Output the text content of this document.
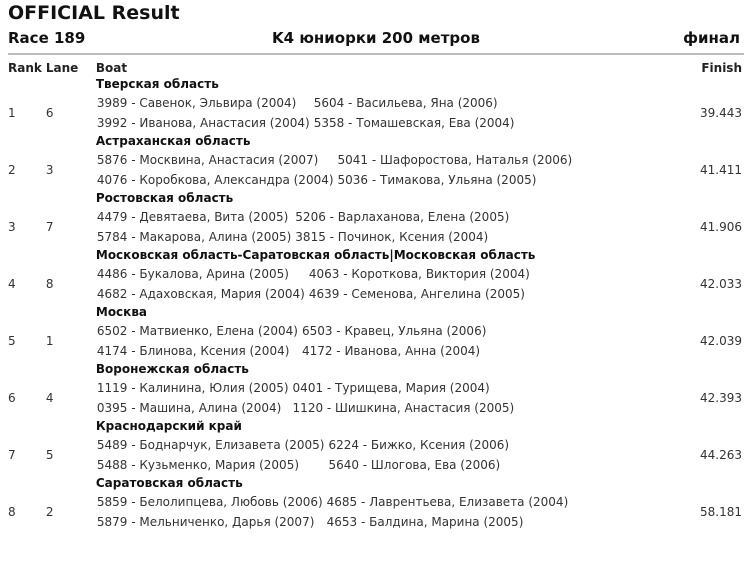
OFFICIAL Result
Race 189	K4 юниорки 200 метров	финал
Rank	Lane	Boat	Finish
1	6	
Тверская область
3989 - Савенок, Эльвира (2004)	5604 - Васильева, Яна (2006)
3992 - Иванова, Анастасия (2004)	5358 - Томашевская, Ева (2004)
	39.443
2	3	
Астраханская область
5876 - Москвина, Анастасия (2007)	5041 - Шафоростова, Наталья (2006)
4076 - Коробкова, Александра (2004)	5036 - Тимакова, Ульяна (2005)
	41.411
3	7	
Ростовская область
4479 - Девятаева, Вита (2005)	5206 - Варлаханова, Елена (2005)
5784 - Макарова, Алина (2005)	3815 - Починок, Ксения (2004)
	41.906
4	8	
Московская область-Саратовская область|Московская область
4486 - Букалова, Арина (2005)	4063 - Короткова, Виктория (2004)
4682 - Адаховская, Мария (2004)	4639 - Семенова, Ангелина (2005)
	42.033
5	1	
Москва
6502 - Матвиенко, Елена (2004)	6503 - Кравец, Ульяна (2006)
4174 - Блинова, Ксения (2004)	4172 - Иванова, Анна (2004)
	42.039
6	4	
Воронежская область
1119 - Калинина, Юлия (2005)	0401 - Турищева, Мария (2004)
0395 - Машина, Алина (2004)	1120 - Шишкина, Анастасия (2005)
	42.393
7	5	
Краснодарский край
5489 - Боднарчук, Елизавета (2005)	6224 - Бижко, Ксения (2006)
5488 - Кузьменко, Мария (2005)	5640 - Шлогова, Ева (2006)
	44.263
8	2	
Саратовская область
5859 - Белолипцева, Любовь (2006)	4685 - Лаврентьева, Елизавета (2004)
5879 - Мельниченко, Дарья (2007)	4653 - Балдина, Марина (2005)
	58.181
